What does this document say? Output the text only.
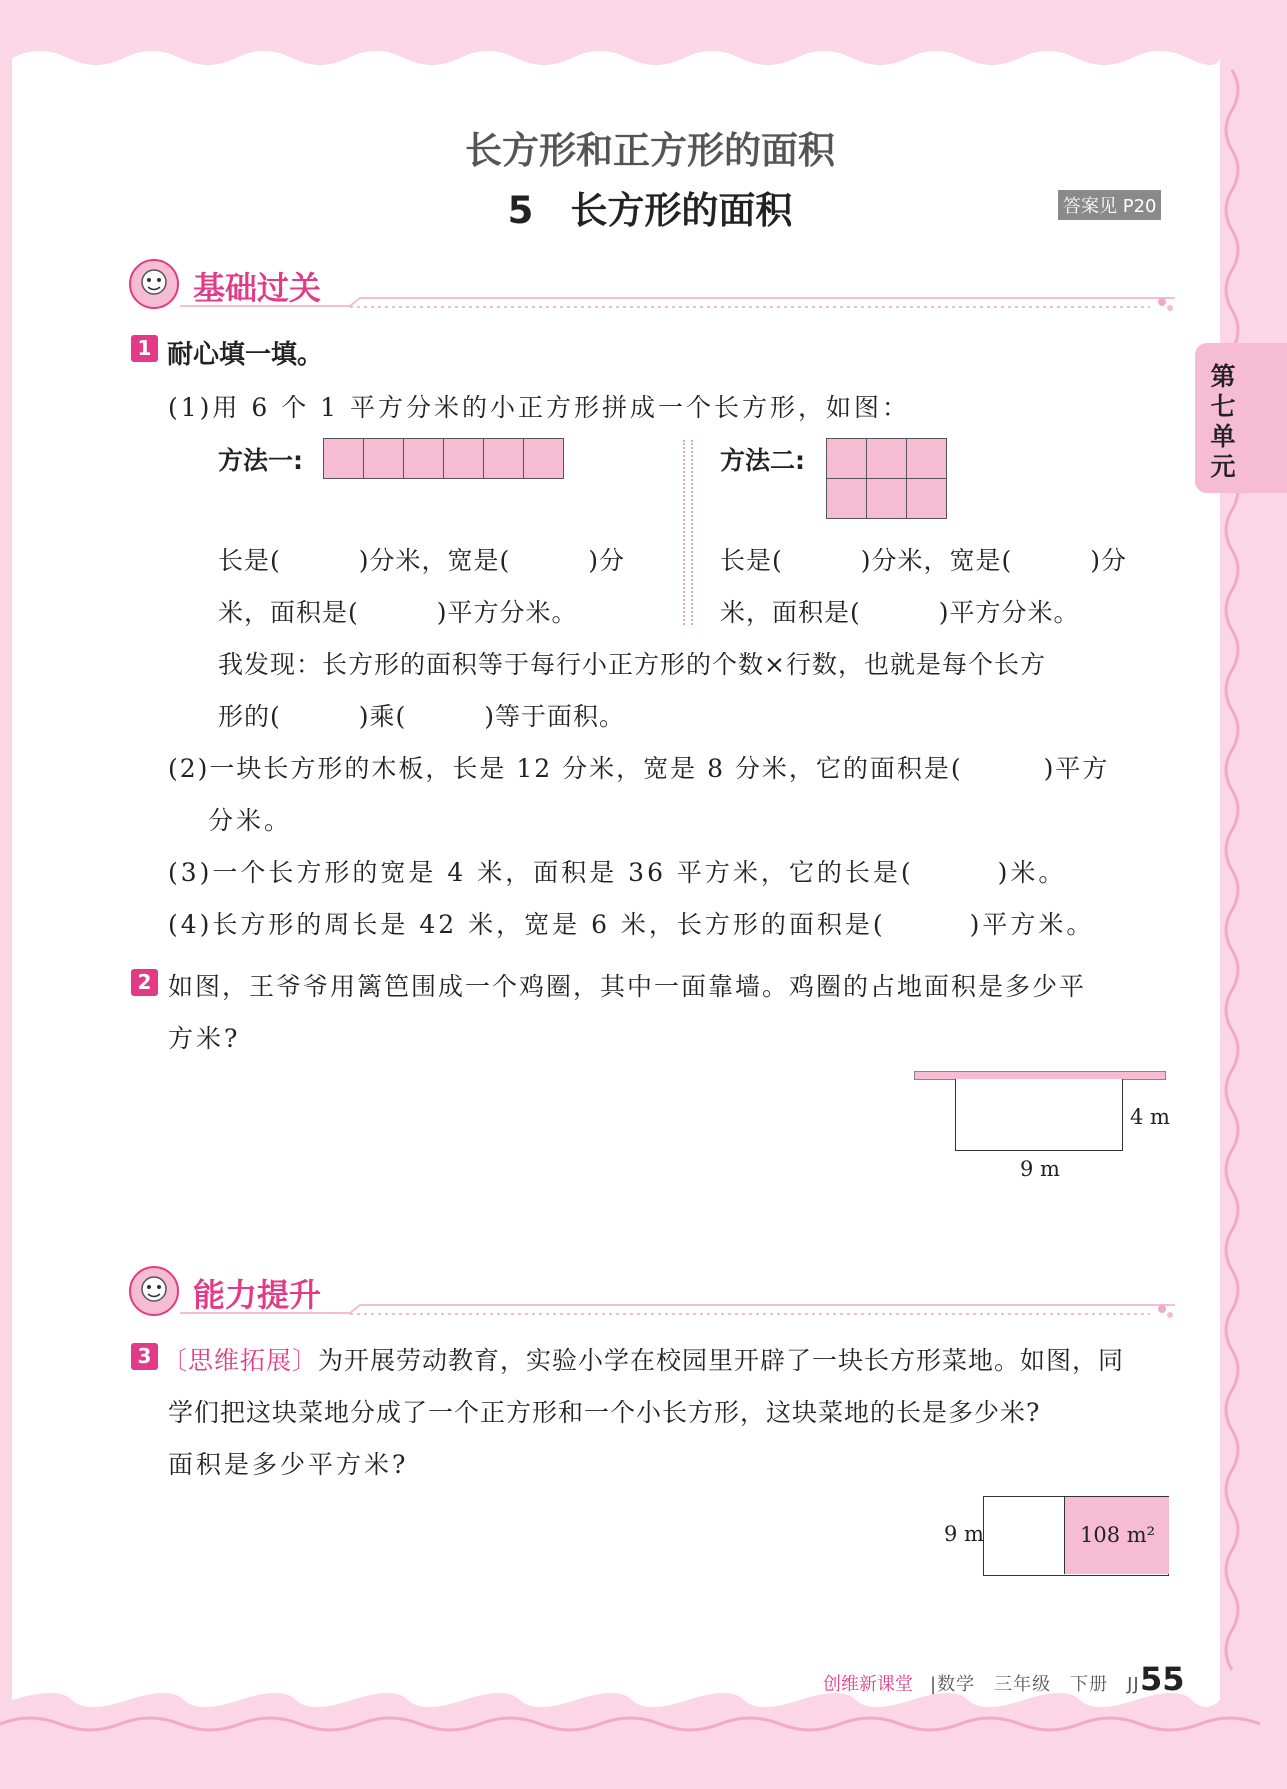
长方形和正方形的面积
5　长方形的面积	答案见 P20
第七单元
基础过关
1 耐心填一填。
(1)用 6 个 1 平方分米的小正方形拼成一个长方形，如图：
方法一:	方法二:
长是(　　　)分米，宽是(　　　)分
米，面积是(　　　)平方分米。
长是(　　　)分米，宽是(　　　)分
米，面积是(　　　)平方分米。
我发现：长方形的面积等于每行小正方形的个数×行数，也就是每个长方
形的(　　　)乘(　　　)等于面积。
(2)一块长方形的木板，长是 12 分米，宽是 8 分米，它的面积是(　　　)平方
分米。
(3)一个长方形的宽是 4 米，面积是 36 平方米，它的长是(　　　)米。
(4)长方形的周长是 42 米，宽是 6 米，长方形的面积是(　　　)平方米。
2 如图，王爷爷用篱笆围成一个鸡圈，其中一面靠墙。鸡圈的占地面积是多少平
方米?
4 m
9 m
能力提升
3 〔思维拓展〕为开展劳动教育，实验小学在校园里开辟了一块长方形菜地。如图，同
学们把这块菜地分成了一个正方形和一个小长方形，这块菜地的长是多少米?
面积是多少平方米?
9 m	108 m²
创维新课堂 |数学　三年级　下册　JJ 55
